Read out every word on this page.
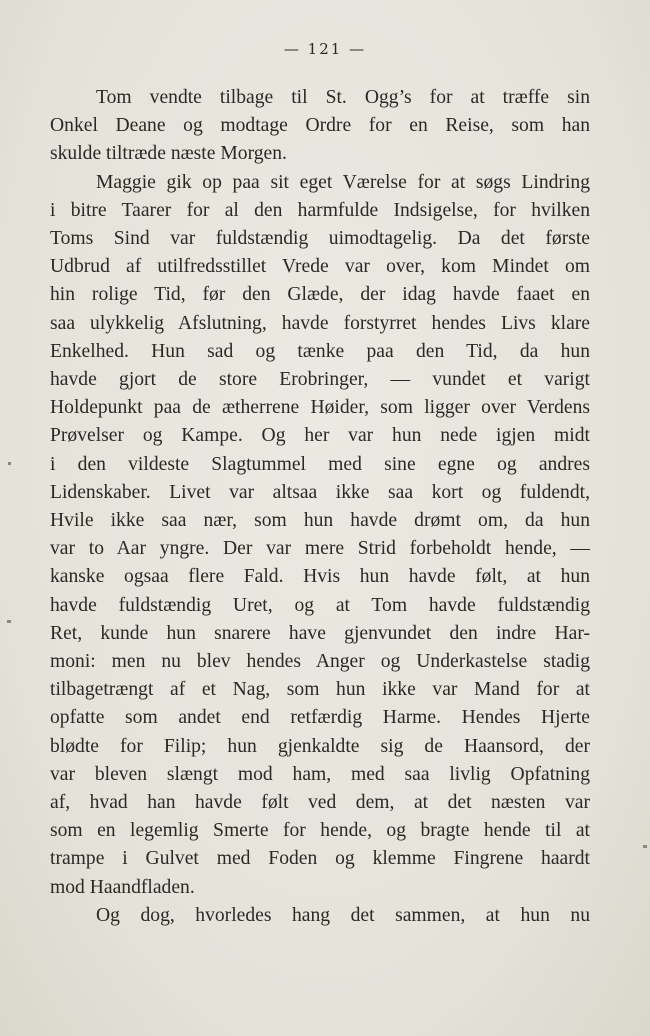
— 121 —
Tom vendte tilbage til St. Ogg’s for at træffe sin
Onkel Deane og modtage Ordre for en Reise, som han
skulde tiltræde næste Morgen.
Maggie gik op paa sit eget Værelse for at søgs Lindring
i bitre Taarer for al den harmfulde Indsigelse, for hvilken
Toms Sind var fuldstændig uimodtagelig. Da det første
Udbrud af utilfredsstillet Vrede var over, kom Mindet om
hin rolige Tid, før den Glæde, der idag havde faaet en
saa ulykkelig Afslutning, havde forstyrret hendes Livs klare
Enkelhed. Hun sad og tænke paa den Tid, da hun
havde gjort de store Erobringer, — vundet et varigt
Holdepunkt paa de ætherrene Høider, som ligger over Verdens
Prøvelser og Kampe. Og her var hun nede igjen midt
i den vildeste Slagtummel med sine egne og andres
Lidenskaber. Livet var altsaa ikke saa kort og fuldendt,
Hvile ikke saa nær, som hun havde drømt om, da hun
var to Aar yngre. Der var mere Strid forbeholdt hende, —
kanske ogsaa flere Fald. Hvis hun havde følt, at hun
havde fuldstændig Uret, og at Tom havde fuldstændig
Ret, kunde hun snarere have gjenvundet den indre Har-
moni: men nu blev hendes Anger og Underkastelse stadig
tilbagetrængt af et Nag, som hun ikke var Mand for at
opfatte som andet end retfærdig Harme. Hendes Hjerte
blødte for Filip; hun gjenkaldte sig de Haansord, der
var bleven slængt mod ham, med saa livlig Opfatning
af, hvad han havde følt ved dem, at det næsten var
som en legemlig Smerte for hende, og bragte hende til at
trampe i Gulvet med Foden og klemme Fingrene haardt
mod Haandfladen.
Og dog, hvorledes hang det sammen, at hun nu
